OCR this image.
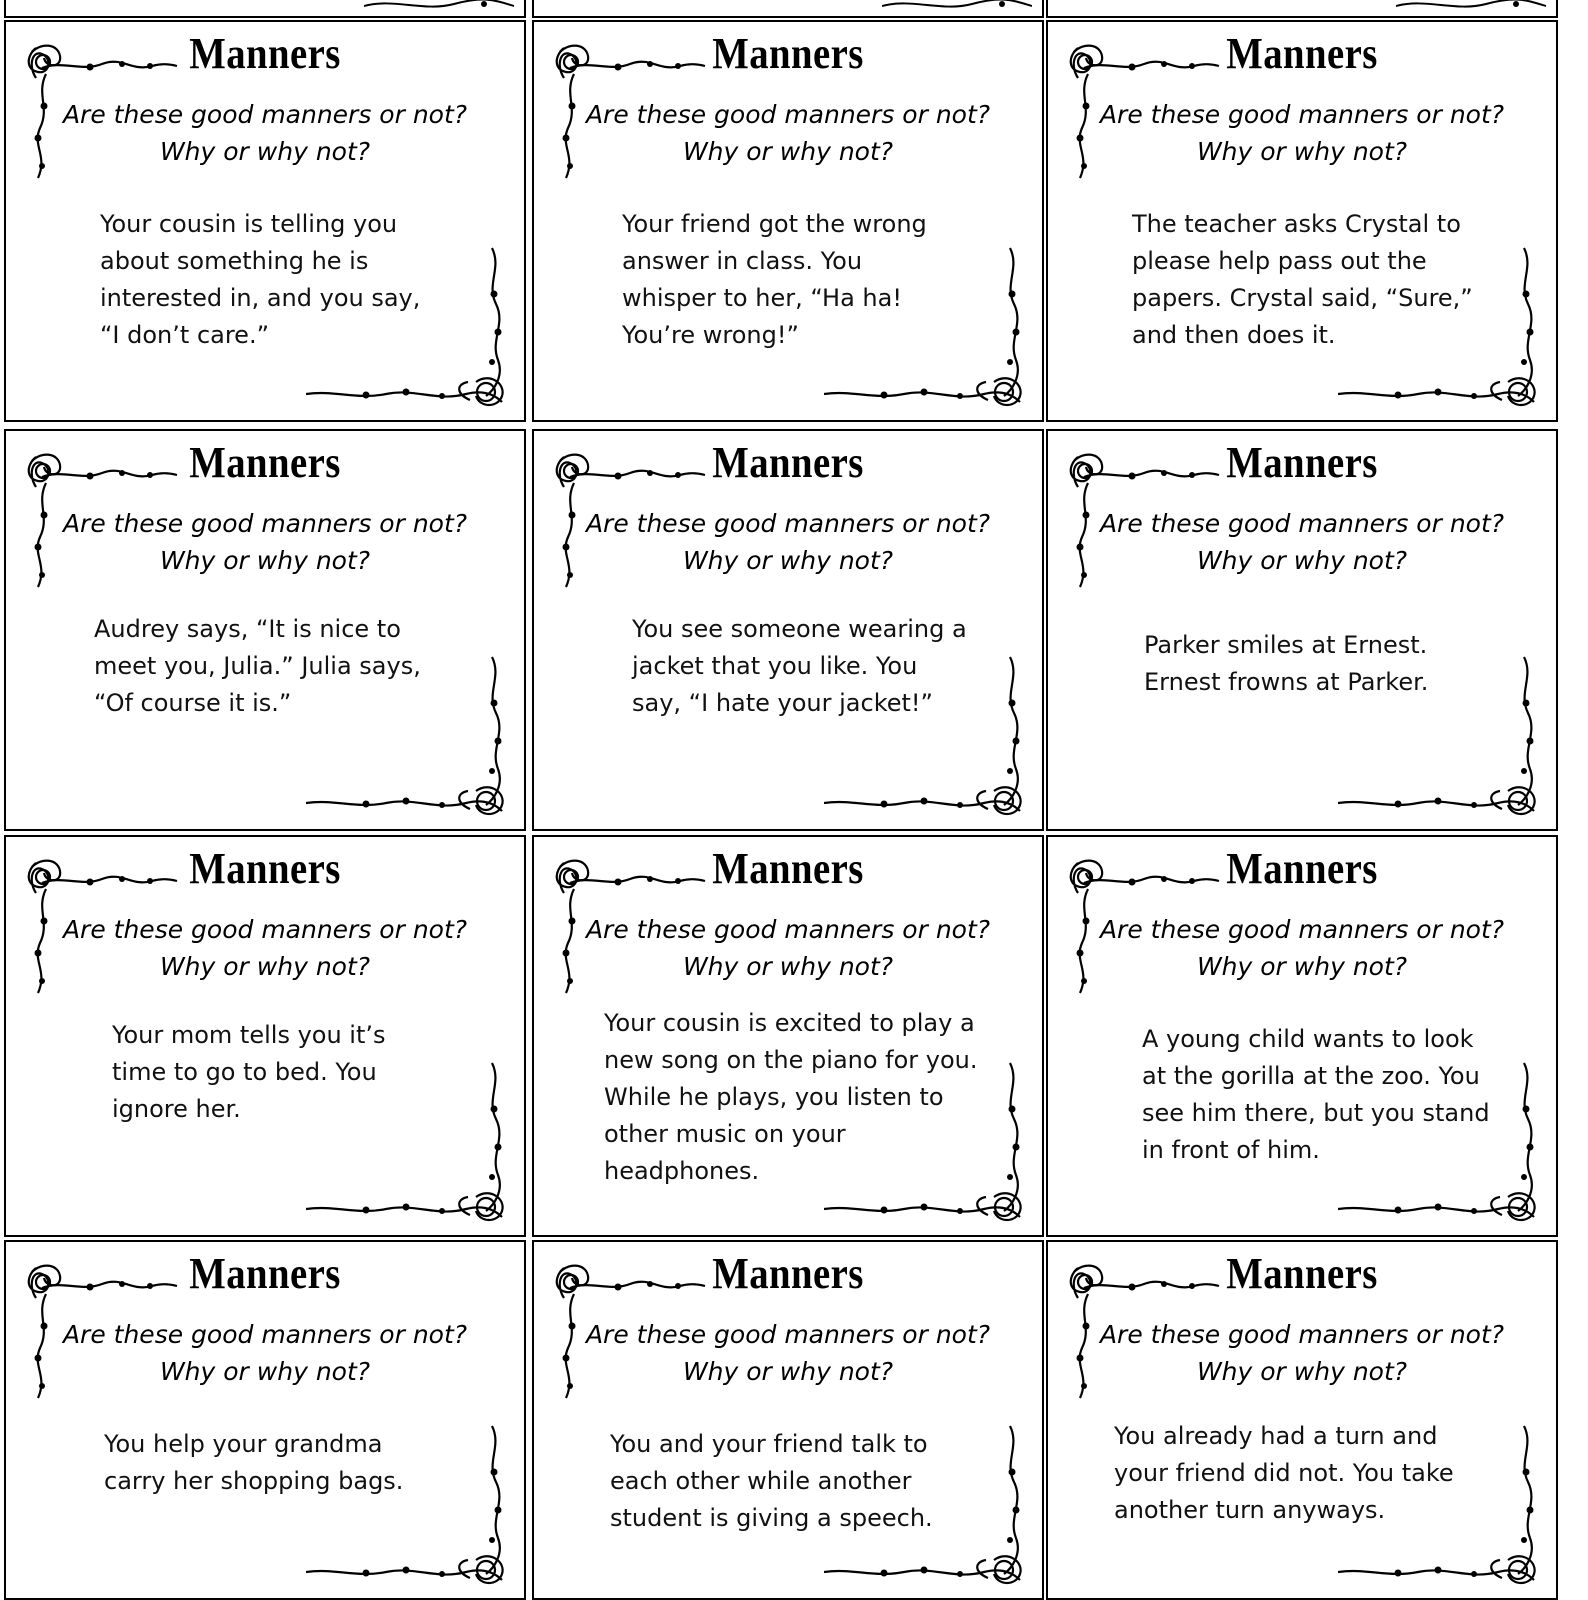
Manners
Are these good manners or not?
Why or why not?
Your cousin is telling you about something he is interested in, and you say, “I don’t care.”
Manners
Are these good manners or not?
Why or why not?
Your friend got the wrong answer in class. You whisper to her, “Ha ha! You’re wrong!”
Manners
Are these good manners or not?
Why or why not?
The teacher asks Crystal to please help pass out the papers. Crystal said, “Sure,” and then does it.
Manners
Are these good manners or not?
Why or why not?
Audrey says, “It is nice to meet you, Julia.” Julia says, “Of course it is.”
Manners
Are these good manners or not?
Why or why not?
You see someone wearing a jacket that you like. You say, “I hate your jacket!”
Manners
Are these good manners or not?
Why or why not?
Parker smiles at Ernest. Ernest frowns at Parker.
Manners
Are these good manners or not?
Why or why not?
Your mom tells you it’s time to go to bed. You ignore her.
Manners
Are these good manners or not?
Why or why not?
Your cousin is excited to play a new song on the piano for you. While he plays, you listen to other music on your headphones.
Manners
Are these good manners or not?
Why or why not?
A young child wants to look at the gorilla at the zoo. You see him there, but you stand in front of him.
Manners
Are these good manners or not?
Why or why not?
You help your grandma carry her shopping bags.
Manners
Are these good manners or not?
Why or why not?
You and your friend talk to each other while another student is giving a speech.
Manners
Are these good manners or not?
Why or why not?
You already had a turn and your friend did not. You take another turn anyways.
